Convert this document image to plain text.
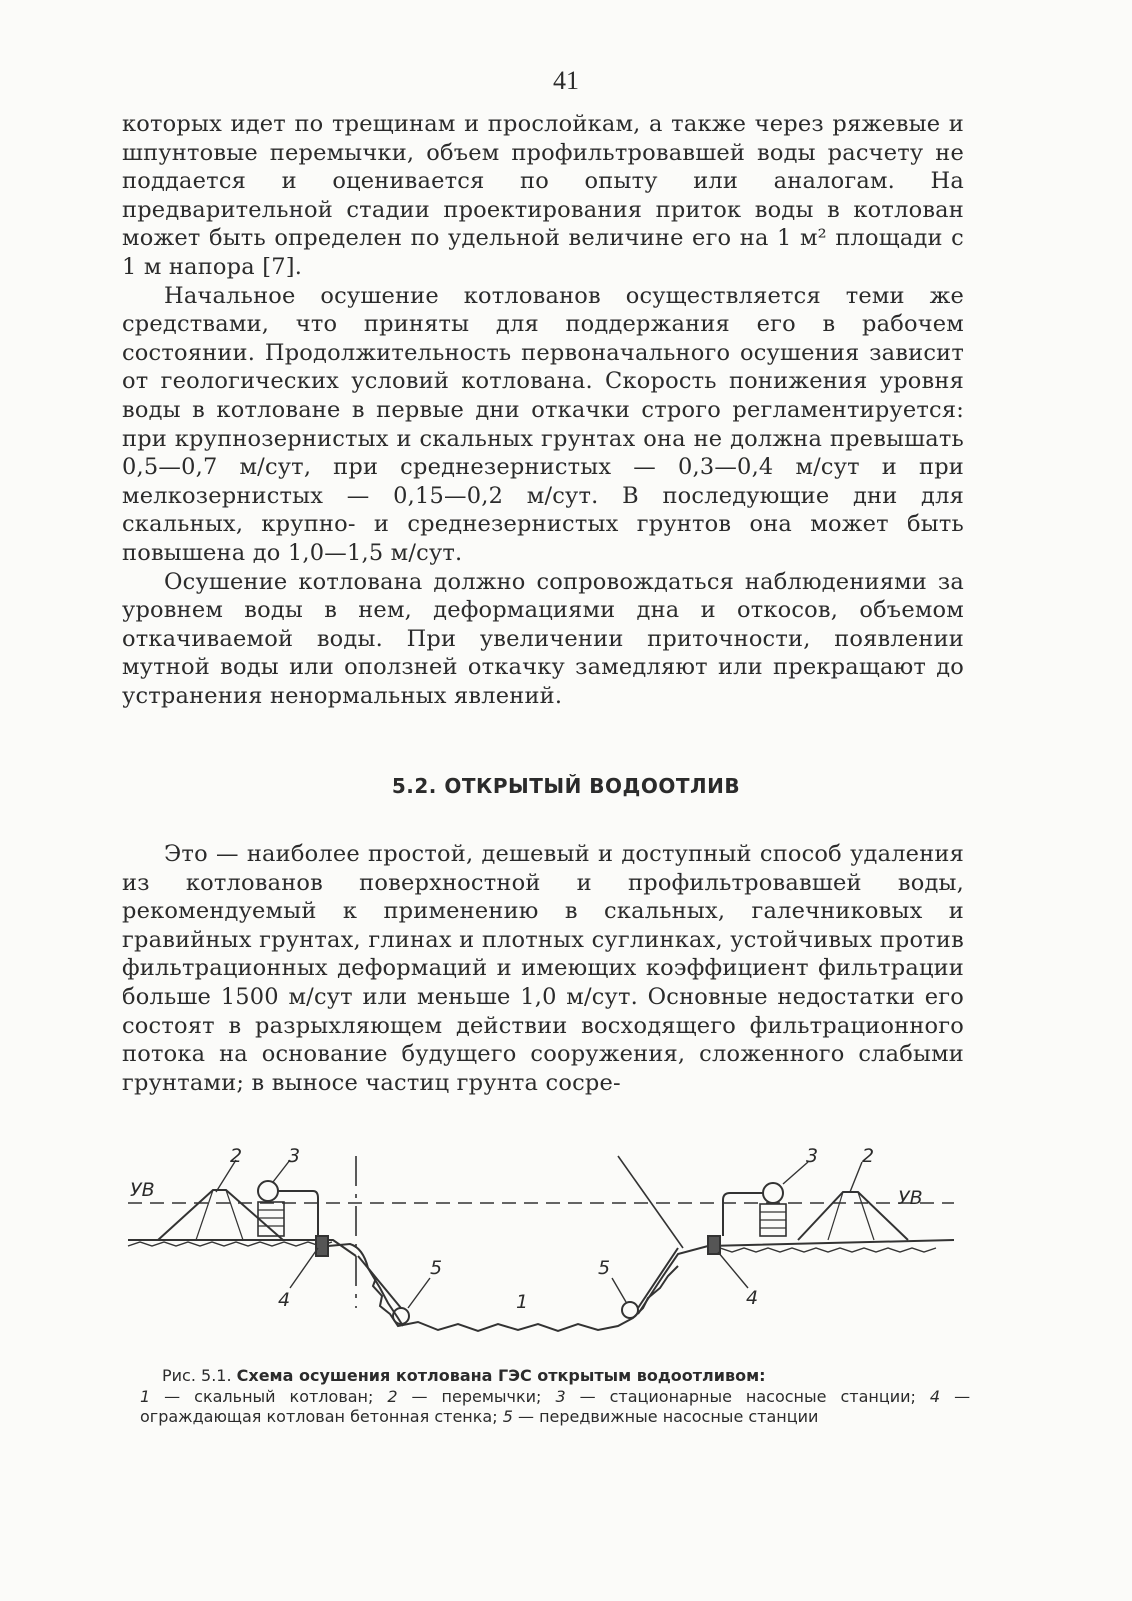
41

которых идет по трещинам и прослойкам, а также через ряжевые и шпунтовые перемычки, объем профильтровавшей воды расчету не поддается и оценивается по опыту или аналогам. На предварительной стадии проектирования приток воды в котлован может быть определен по удельной величине его на 1 м² площади с 1 м напора [7].

Начальное осушение котлованов осуществляется теми же средствами, что приняты для поддержания его в рабочем состоянии. Продолжительность первоначального осушения зависит от геологических условий котлована. Скорость понижения уровня воды в котловане в первые дни откачки строго регламентируется: при крупнозернистых и скальных грунтах она не должна превышать 0,5—0,7 м/сут, при среднезернистых — 0,3—0,4 м/сут и при мелкозернистых — 0,15—0,2 м/сут. В последующие дни для скальных, крупно- и среднезернистых грунтов она может быть повышена до 1,0—1,5 м/сут.

Осушение котлована должно сопровождаться наблюдениями за уровнем воды в нем, деформациями дна и откосов, объемом откачиваемой воды. При увеличении приточности, появлении мутной воды или оползней откачку замедляют или прекращают до устранения ненормальных явлений.

5.2. ОТКРЫТЫЙ ВОДООТЛИВ

Это — наиболее простой, дешевый и доступный способ удаления из котлованов поверхностной и профильтровавшей воды, рекомендуемый к применению в скальных, галечниковых и гравийных грунтах, глинах и плотных суглинках, устойчивых против фильтрационных деформаций и имеющих коэффициент фильтрации больше 1500 м/сут или меньше 1,0 м/сут. Основные недостатки его состоят в разрыхляющем действии восходящего фильтрационного потока на основание будущего сооружения, сложенного слабыми грунтами; в выносе частиц грунта сосре-

УВ	УВ
2 3
4
5
1
5
4
3 2

Рис. 5.1. Схема осушения котлована ГЭС открытым водоотливом:

1 — скальный котлован; 2 — перемычки; 3 — стационарные насосные станции; 4 — ограждающая котлован бетонная стенка; 5 — передвижные насосные станции
